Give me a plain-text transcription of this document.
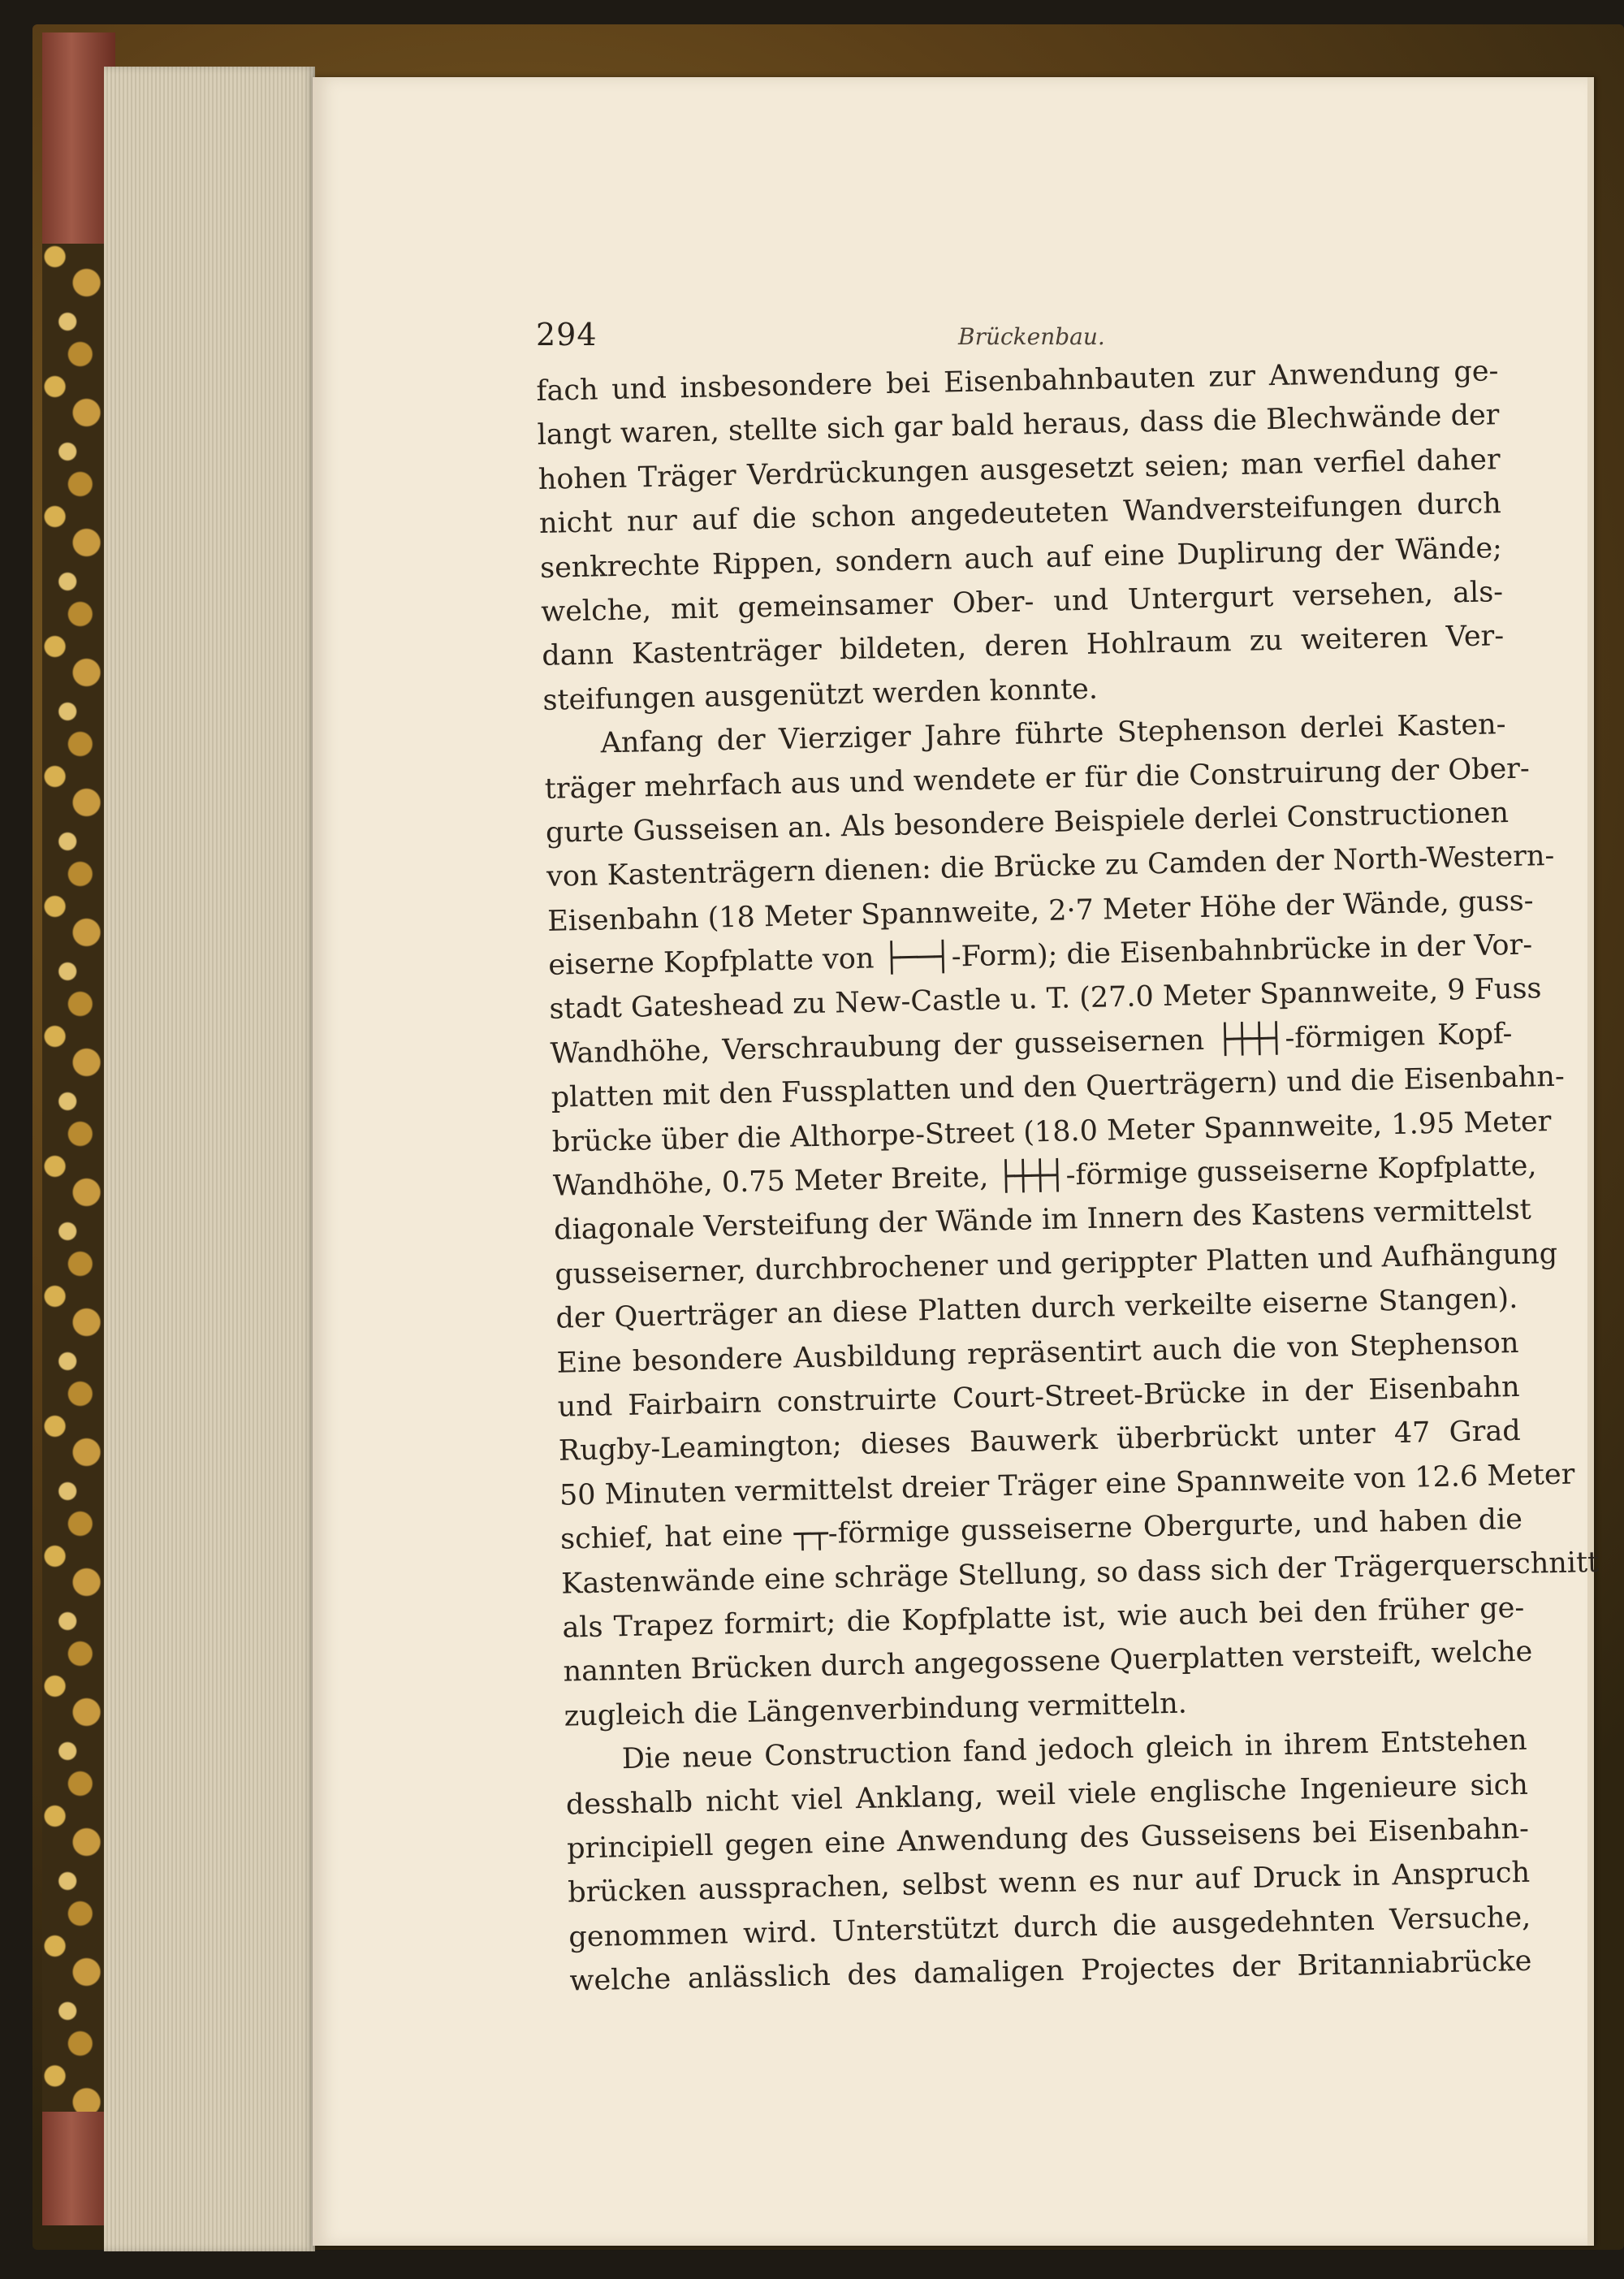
294	Brückenbau.
fach und insbesondere bei Eisenbahnbauten zur Anwendung ge-
langt waren, stellte sich gar bald heraus, dass die Blechwände der
hohen Träger Verdrückungen ausgesetzt seien; man verfiel daher
nicht nur auf die schon angedeuteten Wandversteifungen durch
senkrechte Rippen, sondern auch auf eine Duplirung der Wände;
welche, mit gemeinsamer Ober- und Untergurt versehen, als-
dann Kastenträger bildeten, deren Hohlraum zu weiteren Ver-
steifungen ausgenützt werden konnte.
Anfang der Vierziger Jahre führte Stephenson derlei Kasten-
träger mehrfach aus und wendete er für die Construirung der Ober-
gurte Gusseisen an. Als besondere Beispiele derlei Constructionen
von Kastenträgern dienen: die Brücke zu Camden der North-Western-
Eisenbahn (18 Meter Spannweite, 2·7 Meter Höhe der Wände, guss-
eiserne Kopfplatte von ├──┤-Form); die Eisenbahnbrücke in der Vor-
stadt Gateshead zu New-Castle u. T. (27.0 Meter Spannweite, 9 Fuss
Wandhöhe, Verschraubung der gusseisernen ├┼┼┤-förmigen Kopf-
platten mit den Fussplatten und den Querträgern) und die Eisenbahn-
brücke über die Althorpe-Street (18.0 Meter Spannweite, 1.95 Meter
Wandhöhe, 0.75 Meter Breite, ├┼┼┤-förmige gusseiserne Kopfplatte,
diagonale Versteifung der Wände im Innern des Kastens vermittelst
gusseiserner, durchbrochener und gerippter Platten und Aufhängung
der Querträger an diese Platten durch verkeilte eiserne Stangen).
Eine besondere Ausbildung repräsentirt auch die von Stephenson
und Fairbairn construirte Court-Street-Brücke in der Eisenbahn
Rugby-Leamington; dieses Bauwerk überbrückt unter 47 Grad
50 Minuten vermittelst dreier Träger eine Spannweite von 12.6 Meter
schief, hat eine ┬┬-förmige gusseiserne Obergurte, und haben die
Kastenwände eine schräge Stellung, so dass sich der Trägerquerschnitt
als Trapez formirt; die Kopfplatte ist, wie auch bei den früher ge-
nannten Brücken durch angegossene Querplatten versteift, welche
zugleich die Längenverbindung vermitteln.
Die neue Construction fand jedoch gleich in ihrem Entstehen
desshalb nicht viel Anklang, weil viele englische Ingenieure sich
principiell gegen eine Anwendung des Gusseisens bei Eisenbahn-
brücken aussprachen, selbst wenn es nur auf Druck in Anspruch
genommen wird. Unterstützt durch die ausgedehnten Versuche,
welche anlässlich des damaligen Projectes der Britanniabrücke
